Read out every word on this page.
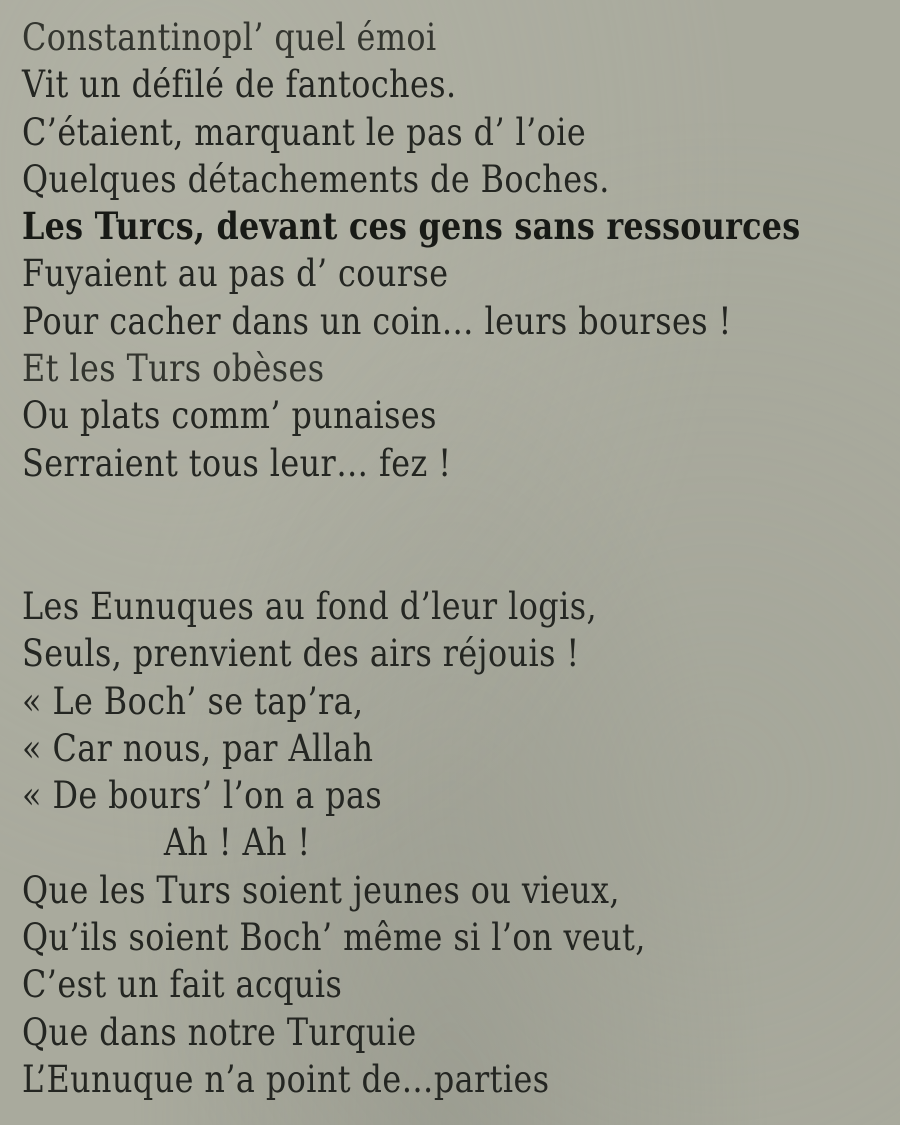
Constantinopl’ quel émoi
Vit un défilé de fantoches.
C’étaient, marquant le pas d’ l’oie
Quelques détachements de Boches.
Les Turcs, devant ces gens sans ressources
Fuyaient au pas d’ course
Pour cacher dans un coin… leurs bourses !
Et les Turs obèses
Ou plats comm’ punaises
Serraient tous leur… fez !
Les Eunuques au fond d’leur logis,
Seuls, prenvient des airs réjouis !
« Le Boch’ se tap’ra,
« Car nous, par Allah
« De bours’ l’on a pas
Ah ! Ah !
Que les Turs soient jeunes ou vieux,
Qu’ils soient Boch’ même si l’on veut,
C’est un fait acquis
Que dans notre Turquie
L’Eunuque n’a point de…parties
